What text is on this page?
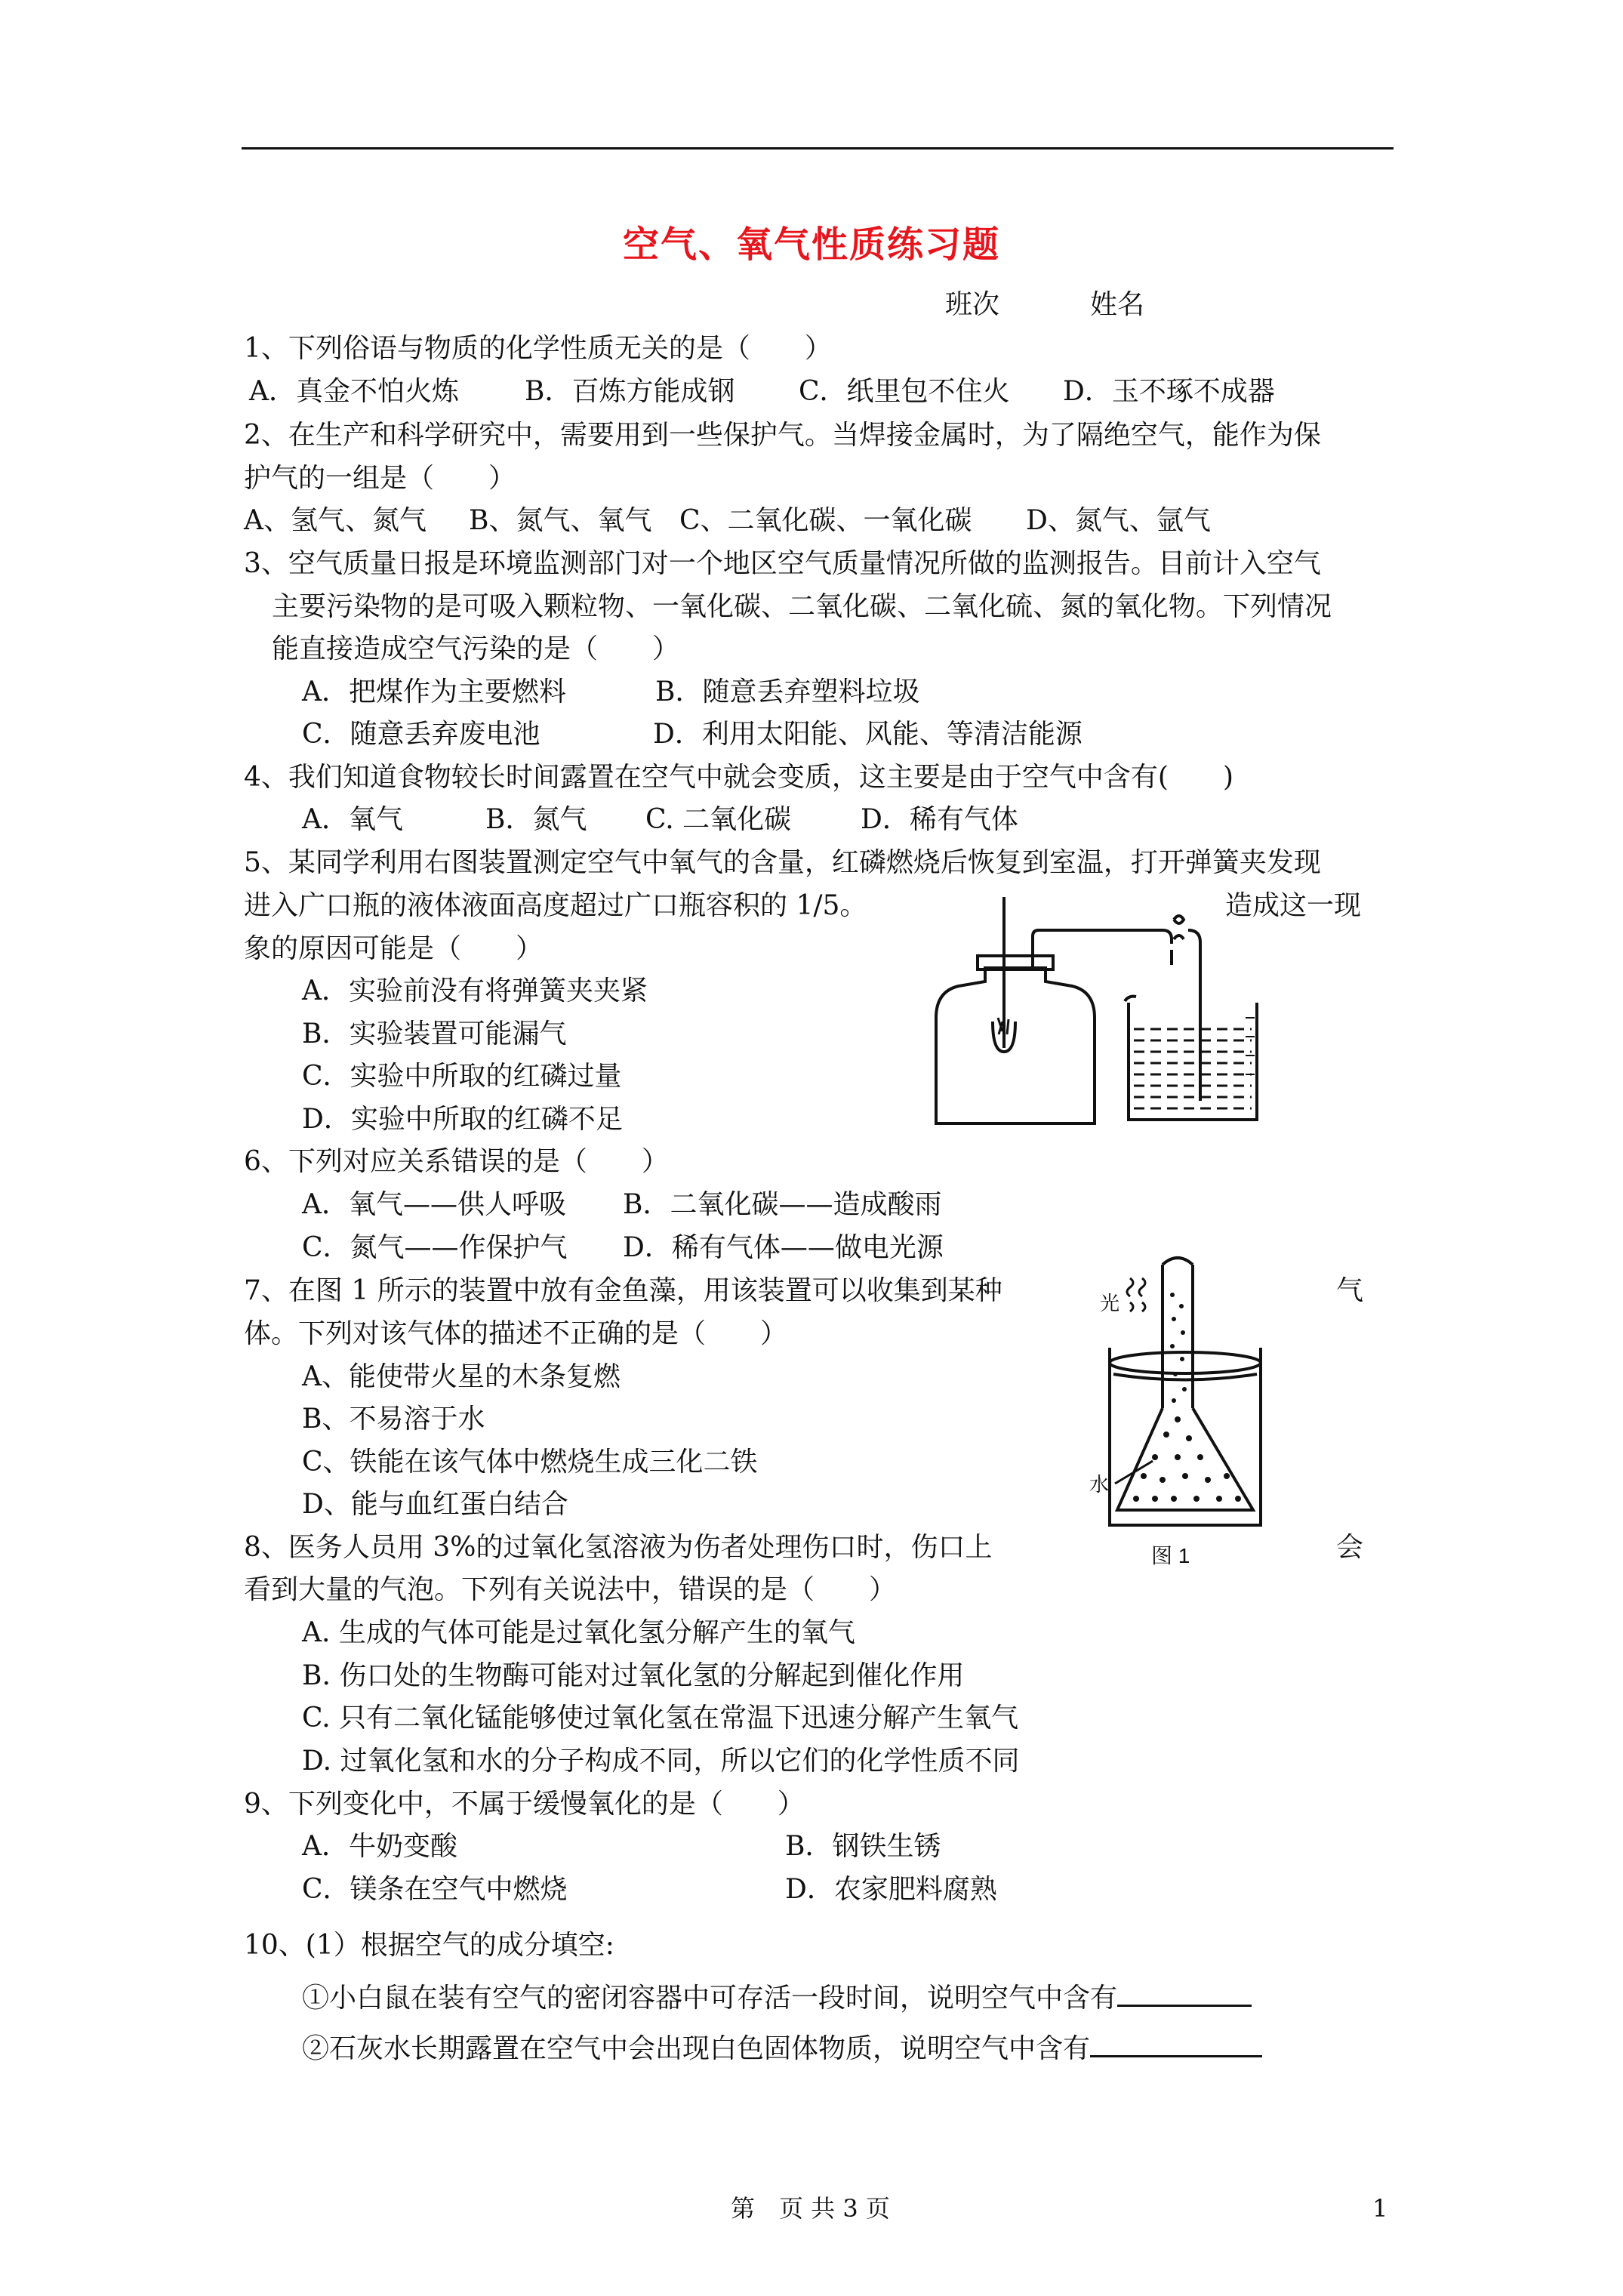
空气、氧气性质练习题
班次	姓名
1、下列俗语与物质的化学性质无关的是（　　）
A．真金不怕火炼 B．百炼方能成钢 C．纸里包不住火 D．玉不琢不成器
2、在生产和科学研究中，需要用到一些保护气。当焊接金属时，为了隔绝空气，能作为保
护气的一组是（　　）
A、氢气、氮气 B、氮气、氧气 C、二氧化碳、一氧化碳 D、氮气、氩气
3、空气质量日报是环境监测部门对一个地区空气质量情况所做的监测报告。目前计入空气
主要污染物的是可吸入颗粒物、一氧化碳、二氧化碳、二氧化硫、氮的氧化物。下列情况
能直接造成空气污染的是（　　）
A．把煤作为主要燃料	B．随意丢弃塑料垃圾
C．随意丢弃废电池	D．利用太阳能、风能、等清洁能源
4、我们知道食物较长时间露置在空气中就会变质，这主要是由于空气中含有(　　)
A．氧气	B．氮气 C. 二氧化碳	D．稀有气体
5、某同学利用右图装置测定空气中氧气的含量，红磷燃烧后恢复到室温，打开弹簧夹发现
进入广口瓶的液体液面高度超过广口瓶容积的 1/5。	造成这一现
象的原因可能是（　　）
A．实验前没有将弹簧夹夹紧
B．实验装置可能漏气
C．实验中所取的红磷过量
D．实验中所取的红磷不足
6、下列对应关系错误的是（　　）
A．氧气——供人呼吸 B．二氧化碳——造成酸雨
C．氮气——作保护气 D．稀有气体——做电光源
7、在图 1 所示的装置中放有金鱼藻，用该装置可以收集到某种	气
体。下列对该气体的描述不正确的是（　　）
A、能使带火星的木条复燃
B、不易溶于水
C、铁能在该气体中燃烧生成三化二铁
D、能与血红蛋白结合
光
水
图 1
8、医务人员用 3%的过氧化氢溶液为伤者处理伤口时，伤口上	会
看到大量的气泡。下列有关说法中，错误的是（　　）
A. 生成的气体可能是过氧化氢分解产生的氧气
B. 伤口处的生物酶可能对过氧化氢的分解起到催化作用
C. 只有二氧化锰能够使过氧化氢在常温下迅速分解产生氧气
D. 过氧化氢和水的分子构成不同，所以它们的化学性质不同
9、下列变化中，不属于缓慢氧化的是（　　）
A．牛奶变酸	B．钢铁生锈
C．镁条在空气中燃烧	D．农家肥料腐熟
10、(1）根据空气的成分填空:
①小白鼠在装有空气的密闭容器中可存活一段时间，说明空气中含有
②石灰水长期露置在空气中会出现白色固体物质，说明空气中含有
第　页 共 3 页	1
